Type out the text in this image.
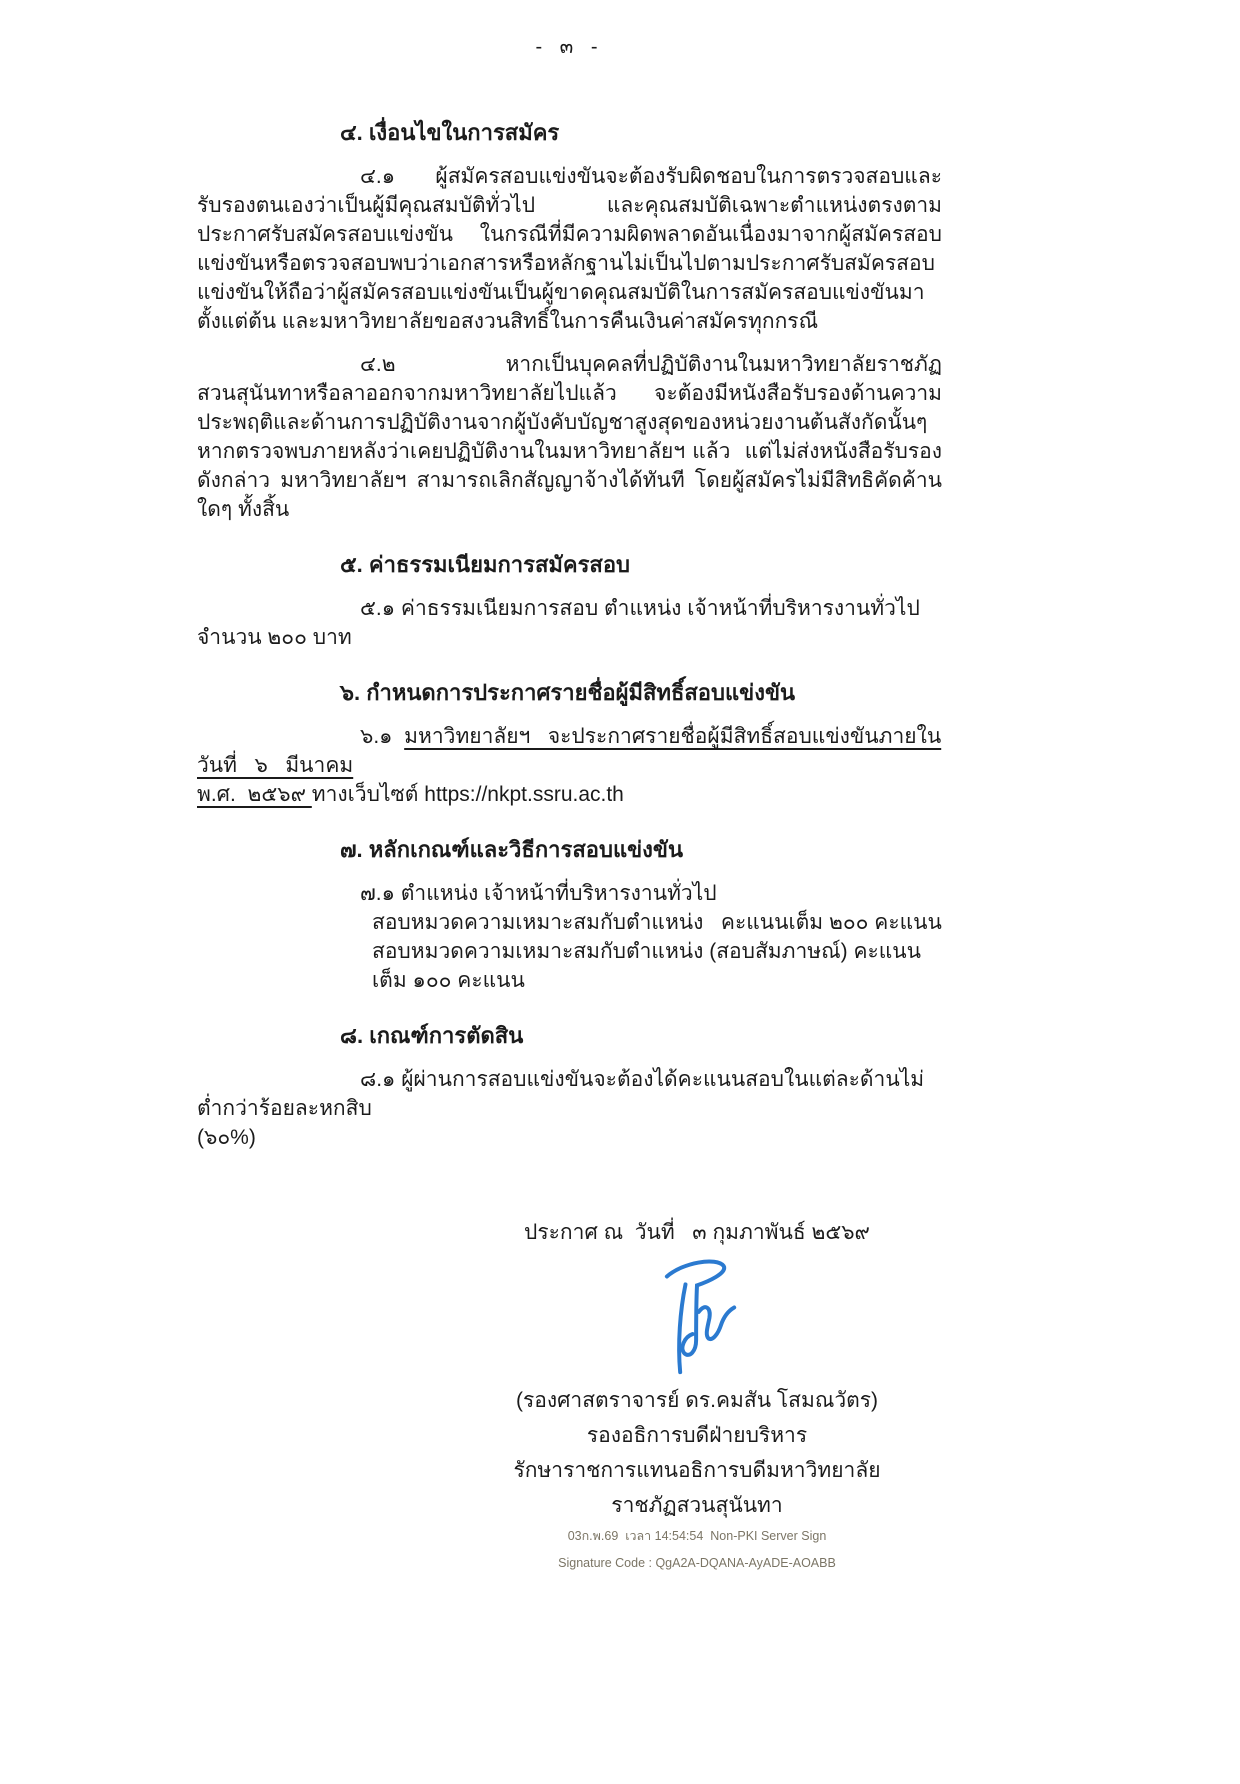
- ๓ -
๔. เงื่อนไขในการสมัคร

๔.๑ ผู้สมัครสอบแข่งขันจะต้องรับผิดชอบในการตรวจสอบและรับรองตนเองว่าเป็นผู้มีคุณสมบัติทั่วไป  และคุณสมบัติเฉพาะตำแหน่งตรงตามประกาศรับสมัครสอบแข่งขัน  ในกรณีที่มีความผิดพลาดอันเนื่องมาจากผู้สมัครสอบแข่งขันหรือตรวจสอบพบว่าเอกสารหรือหลักฐานไม่เป็นไปตามประกาศรับสมัครสอบแข่งขันให้ถือว่าผู้สมัครสอบแข่งขันเป็นผู้ขาดคุณสมบัติในการสมัครสอบแข่งขันมาตั้งแต่ต้น และมหาวิทยาลัยขอสงวนสิทธิ์ในการคืนเงินค่าสมัครทุกกรณี

๔.๒ หากเป็นบุคคลที่ปฏิบัติงานในมหาวิทยาลัยราชภัฏสวนสุนันทาหรือลาออกจากมหาวิทยาลัยไปแล้ว  จะต้องมีหนังสือรับรองด้านความประพฤติและด้านการปฏิบัติงานจากผู้บังคับบัญชาสูงสุดของหน่วยงานต้นสังกัดนั้นๆ  หากตรวจพบภายหลังว่าเคยปฏิบัติงานในมหาวิทยาลัยฯ แล้ว  แต่ไม่ส่งหนังสือรับรองดังกล่าว มหาวิทยาลัยฯ สามารถเลิกสัญญาจ้างได้ทันที โดยผู้สมัครไม่มีสิทธิคัดค้านใดๆ ทั้งสิ้น

๕. ค่าธรรมเนียมการสมัครสอบ

๕.๑ ค่าธรรมเนียมการสอบ ตำแหน่ง เจ้าหน้าที่บริหารงานทั่วไป  จำนวน ๒๐๐ บาท

๖. กำหนดการประกาศรายชื่อผู้มีสิทธิ์สอบแข่งขัน

๖.๑  มหาวิทยาลัยฯ   จะประกาศรายชื่อผู้มีสิทธิ์สอบแข่งขันภายในวันที่   ๖   มีนาคม
พ.ศ.  ๒๕๖๙ ทางเว็บไซต์ https://nkpt.ssru.ac.th

๗. หลักเกณฑ์และวิธีการสอบแข่งขัน

๗.๑ ตำแหน่ง เจ้าหน้าที่บริหารงานทั่วไป

สอบหมวดความเหมาะสมกับตำแหน่ง   คะแนนเต็ม ๒๐๐ คะแนน

สอบหมวดความเหมาะสมกับตำแหน่ง (สอบสัมภาษณ์) คะแนนเต็ม ๑๐๐ คะแนน

๘. เกณฑ์การตัดสิน

๘.๑ ผู้ผ่านการสอบแข่งขันจะต้องได้คะแนนสอบในแต่ละด้านไม่ต่ำกว่าร้อยละหกสิบ

(๖๐%)

ประกาศ ณ  วันที่   ๓ กุมภาพันธ์ ๒๕๖๙

(รองศาสตราจารย์ ดร.คมสัน โสมณวัตร)

รองอธิการบดีฝ่ายบริหาร

รักษาราชการแทนอธิการบดีมหาวิทยาลัยราชภัฏสวนสุนันทา

03ก.พ.69  เวลา 14:54:54  Non-PKI Server Sign

Signature Code : QgA2A-DQANA-AyADE-AOABB
